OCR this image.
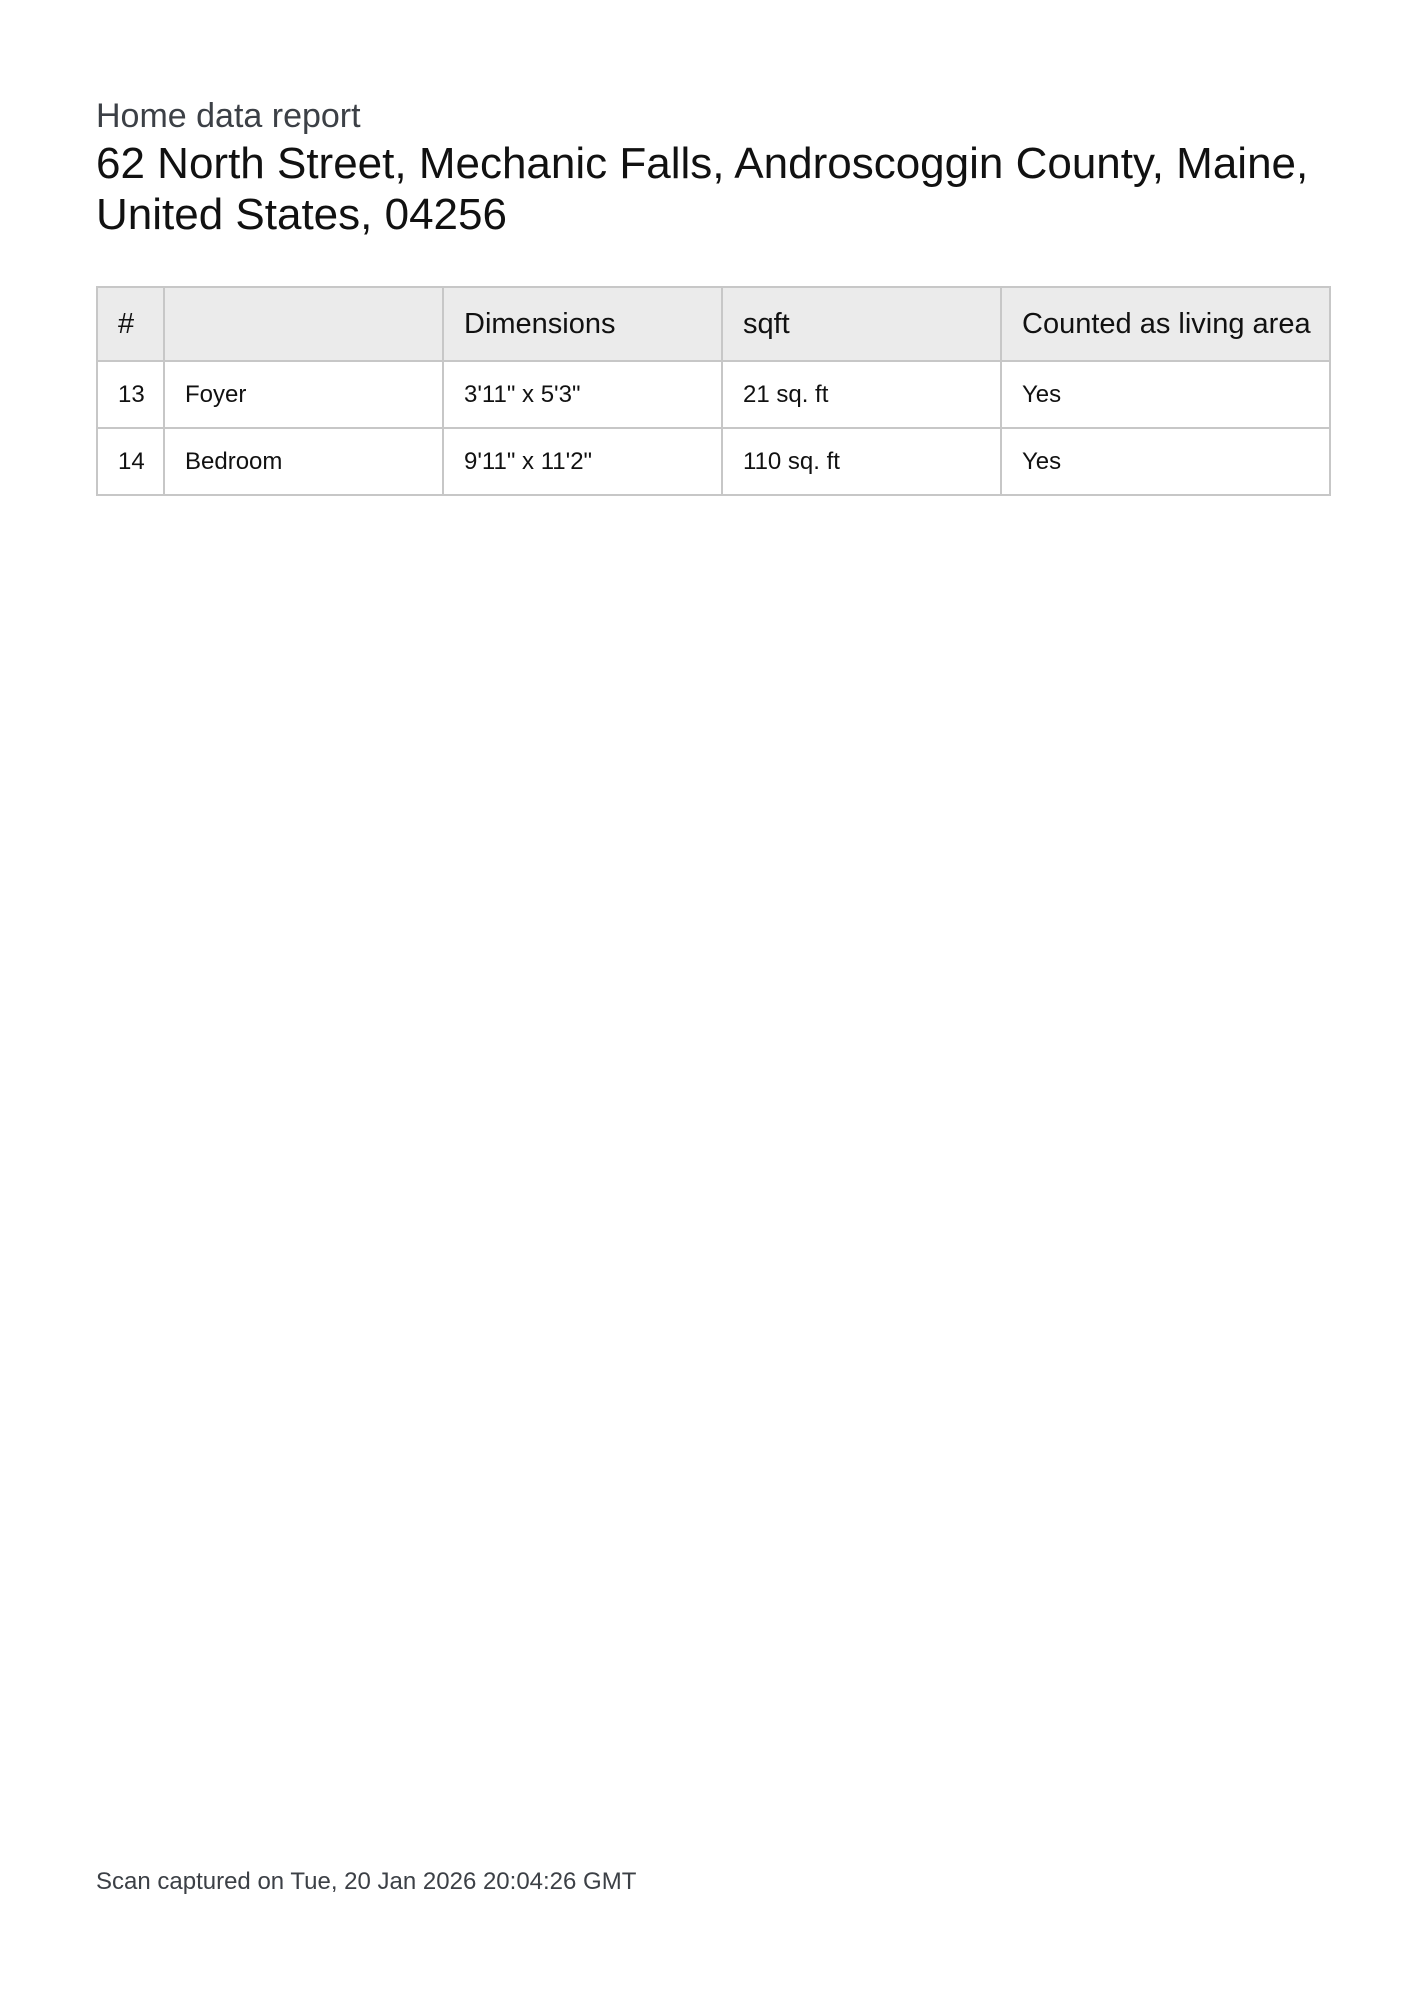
Home data report
62 North Street, Mechanic Falls, Androscoggin County, Maine, United States, 04256
#		Dimensions	sqft	Counted as living area
13	Foyer	3'11" x 5'3"	21 sq. ft	Yes
14	Bedroom	9'11" x 11'2"	110 sq. ft	Yes
Scan captured on Tue, 20 Jan 2026 20:04:26 GMT
